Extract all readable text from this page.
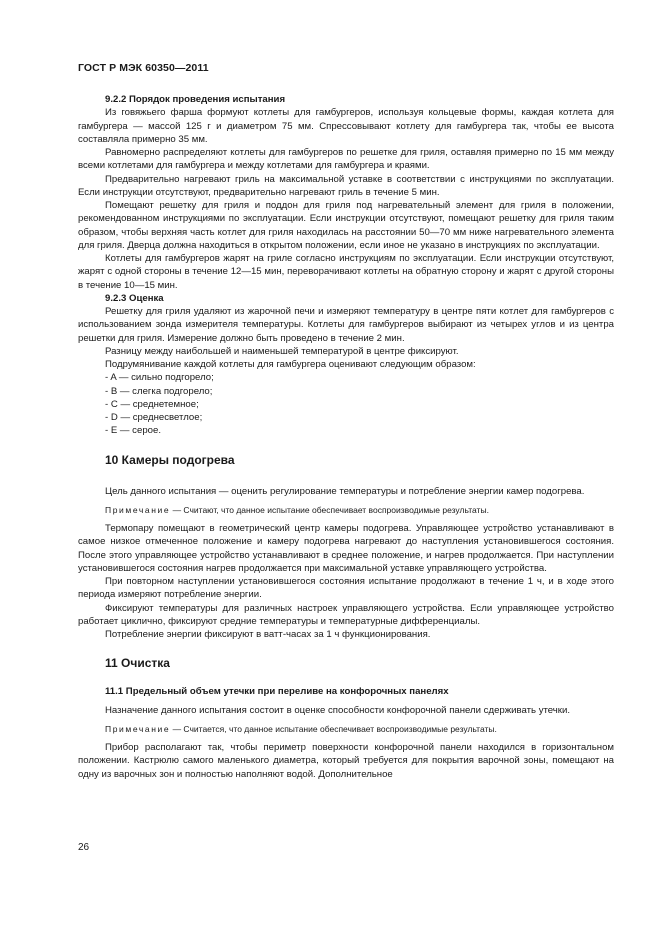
ГОСТ Р МЭК 60350—2011

9.2.2 Порядок проведения испытания

Из говяжьего фарша формуют котлеты для гамбургеров, используя кольцевые формы, каждая котлета для гамбургера — массой 125 г и диаметром 75 мм. Спрессовывают котлету для гамбургера так, чтобы ее высота составляла примерно 35 мм.

Равномерно распределяют котлеты для гамбургеров по решетке для гриля, оставляя примерно по 15 мм между всеми котлетами для гамбургера и между котлетами для гамбургера и краями.

Предварительно нагревают гриль на максимальной уставке в соответствии с инструкциями по эксплуатации. Если инструкции отсутствуют, предварительно нагревают гриль в течение 5 мин.

Помещают решетку для гриля и поддон для гриля под нагревательный элемент для гриля в положении, рекомендованном инструкциями по эксплуатации. Если инструкции отсутствуют, помещают решетку для гриля таким образом, чтобы верхняя часть котлет для гриля находилась на расстоянии 50—70 мм ниже нагревательного элемента для гриля. Дверца должна находиться в открытом положении, если иное не указано в инструкциях по эксплуатации.

Котлеты для гамбургеров жарят на гриле согласно инструкциям по эксплуатации. Если инструкции отсутствуют, жарят с одной стороны в течение 12—15 мин, переворачивают котлеты на обратную сторону и жарят с другой стороны в течение 10—15 мин.

9.2.3 Оценка

Решетку для гриля удаляют из жарочной печи и измеряют температуру в центре пяти котлет для гамбургеров с использованием зонда измерителя температуры. Котлеты для гамбургеров выбирают из четырех углов и из центра решетки для гриля. Измерение должно быть проведено в течение 2 мин.

Разницу между наибольшей и наименьшей температурой в центре фиксируют.

Подрумянивание каждой котлеты для гамбургера оценивают следующим образом:

- A — сильно подгорело;

- B — слегка подгорело;

- C — среднетемное;

- D — среднесветлое;

- E — серое.

10 Камеры подогрева

Цель данного испытания — оценить регулирование температуры и потребление энергии камер подогрева.

Примечание — Считают, что данное испытание обеспечивает воспроизводимые результаты.

Термопару помещают в геометрический центр камеры подогрева. Управляющее устройство устанавливают в самое низкое отмеченное положение и камеру подогрева нагревают до наступления установившегося состояния. После этого управляющее устройство устанавливают в среднее положение, и нагрев продолжается. При наступлении установившегося состояния нагрев продолжается при максимальной уставке управляющего устройства.

При повторном наступлении установившегося состояния испытание продолжают в течение 1 ч, и в ходе этого периода измеряют потребление энергии.

Фиксируют температуры для различных настроек управляющего устройства. Если управляющее устройство работает циклично, фиксируют средние температуры и температурные дифференциалы.

Потребление энергии фиксируют в ватт-часах за 1 ч функционирования.

11 Очистка

11.1 Предельный объем утечки при переливе на конфорочных панелях

Назначение данного испытания состоит в оценке способности конфорочной панели сдерживать утечки.

Примечание — Считается, что данное испытание обеспечивает воспроизводимые результаты.

Прибор располагают так, чтобы периметр поверхности конфорочной панели находился в горизонтальном положении. Кастрюлю самого маленького диаметра, который требуется для покрытия варочной зоны, помещают на одну из варочных зон и полностью наполняют водой. Дополнительное

26
